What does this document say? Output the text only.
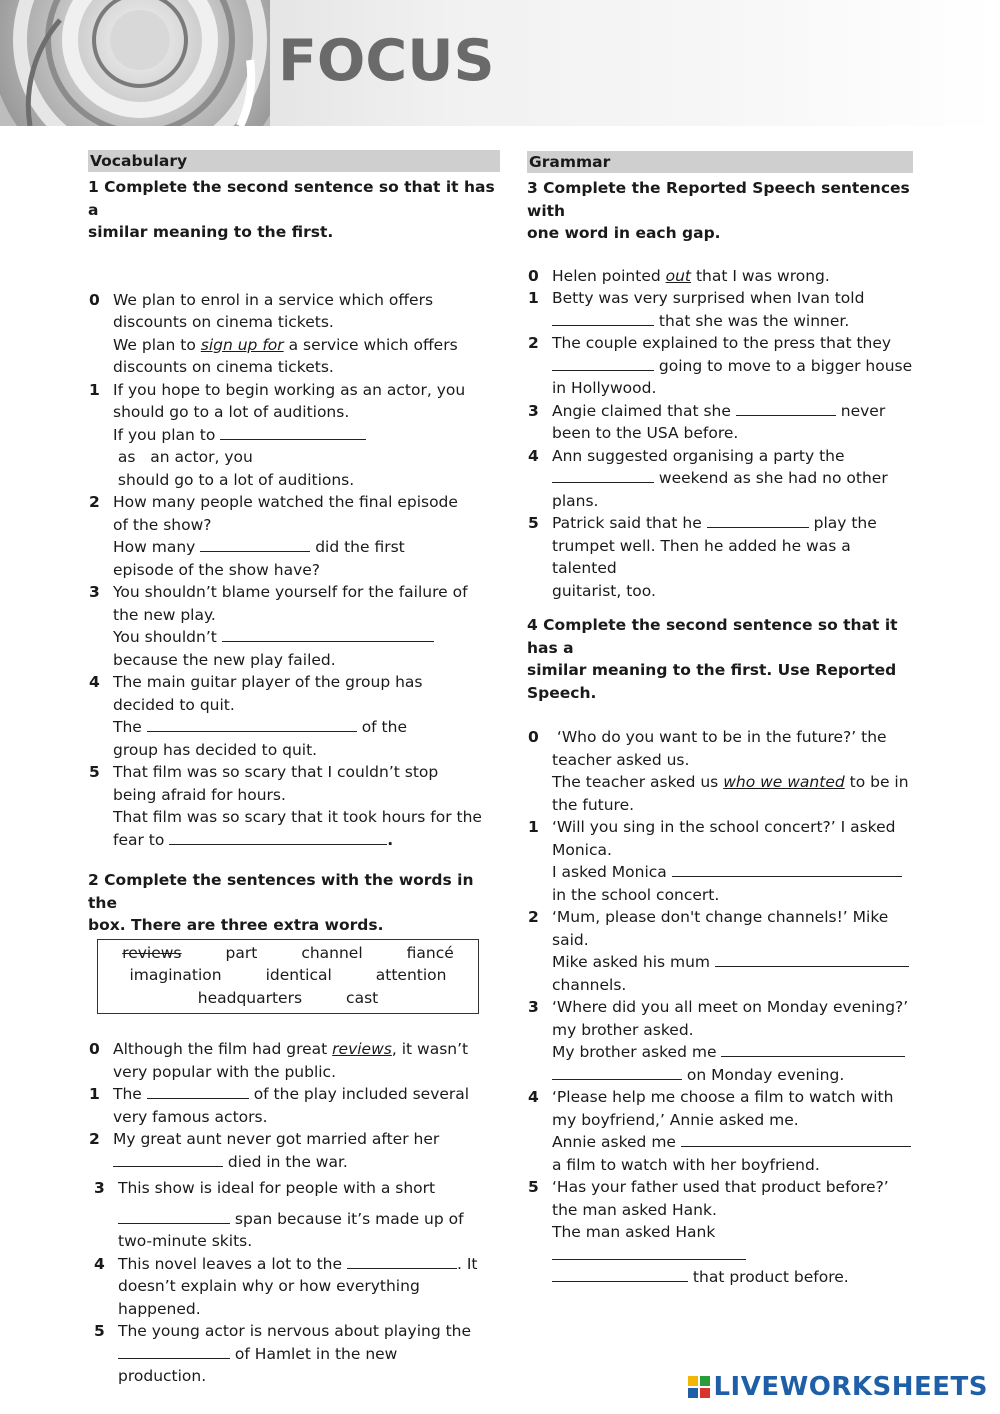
FOCUS
Vocabulary
1 Complete the second sentence so that it has a
similar meaning to the first.
0 We plan to enrol in a service which offers
discounts on cinema tickets.
We plan to sign up for a service which offers
discounts on cinema tickets.
1 If you hope to begin working as an actor, you
should go to a lot of auditions.
If you plan to  as   an actor, you
should go to a lot of auditions.
2 How many people watched the final episode
of the show?
How many	did the first
episode of the show have?
3 You shouldn’t blame yourself for the failure of
the new play.
You shouldn’t
because the new play failed.
4 The main guitar player of the group has
decided to quit.
The	of the
group has decided to quit.
5 That film was so scary that I couldn’t stop
being afraid for hours.
That film was so scary that it took hours for the
fear to	.
2 Complete the sentences with the words in the
box. There are three extra words.
reviews	part	channel	fiancé
imagination	identical	attention
headquarters	cast
0 Although the film had great reviews, it wasn’t
very popular with the public.
1 The	of the play included several
very famous actors.
2 My great aunt never got married after her
died in the war.
3 This show is ideal for people with a short
span because it’s made up of
two-minute skits.
4 This novel leaves a lot to the	. It
doesn’t explain why or how everything
happened.
5 The young actor is nervous about playing the
of Hamlet in the new
production.
Grammar
3 Complete the Reported Speech sentences with
one word in each gap.
0 Helen pointed out that I was wrong.
1 Betty was very surprised when Ivan told
that she was the winner.
2 The couple explained to the press that they
going to move to a bigger house
in Hollywood.
3 Angie claimed that she	never
been to the USA before.
4 Ann suggested organising a party the
weekend as she had no other
plans.
5 Patrick said that he	play the
trumpet well. Then he added he was a talented
guitarist, too.
4 Complete the second sentence so that it has a
similar meaning to the first. Use Reported
Speech.
0 ‘Who do you want to be in the future?’ the
teacher asked us.
The teacher asked us who we wanted to be in
the future.
1 ‘Will you sing in the school concert?’ I asked
Monica.
I asked Monica
in the school concert.
2 ‘Mum, please don't change channels!’ Mike
said.
Mike asked his mum
channels.
3 ‘Where did you all meet on Monday evening?’
my brother asked.
My brother asked me
on Monday evening.
4 ‘Please help me choose a film to watch with
my boyfriend,’ Annie asked me.
Annie asked me
a film to watch with her boyfriend.
5 ‘Has your father used that product before?’
the man asked Hank.
The man asked Hank
that product before.
LIVEWORKSHEETS
